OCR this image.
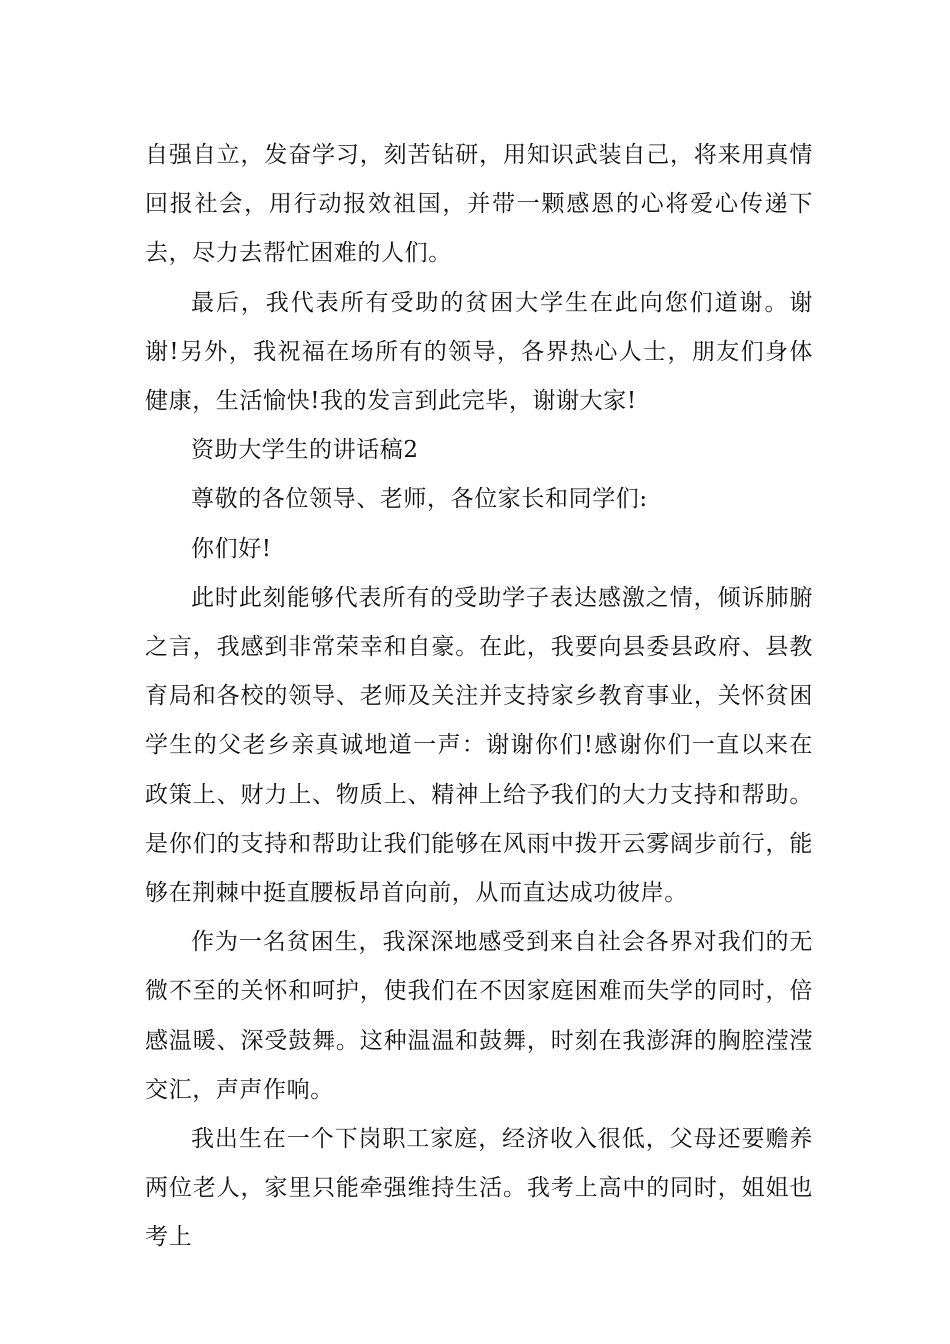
自强自立，发奋学习，刻苦钻研，用知识武装自己，将来用真情回报社会，用行动报效祖国，并带一颗感恩的心将爱心传递下去，尽力去帮忙困难的人们。

最后，我代表所有受助的贫困大学生在此向您们道谢。谢谢!另外，我祝福在场所有的领导，各界热心人士，朋友们身体健康，生活愉快!我的发言到此完毕，谢谢大家!

资助大学生的讲话稿2

尊敬的各位领导、老师，各位家长和同学们:

你们好!

此时此刻能够代表所有的受助学子表达感激之情，倾诉肺腑之言，我感到非常荣幸和自豪。在此，我要向县委县政府、县教育局和各校的领导、老师及关注并支持家乡教育事业，关怀贫困学生的父老乡亲真诚地道一声：谢谢你们!感谢你们一直以来在政策上、财力上、物质上、精神上给予我们的大力支持和帮助。是你们的支持和帮助让我们能够在风雨中拨开云雾阔步前行，能够在荆棘中挺直腰板昂首向前，从而直达成功彼岸。

作为一名贫困生，我深深地感受到来自社会各界对我们的无微不至的关怀和呵护，使我们在不因家庭困难而失学的同时，倍感温暖、深受鼓舞。这种温温和鼓舞，时刻在我澎湃的胸腔滢滢交汇，声声作响。

我出生在一个下岗职工家庭，经济收入很低，父母还要赡养两位老人，家里只能牵强维持生活。我考上高中的同时，姐姐也考上
